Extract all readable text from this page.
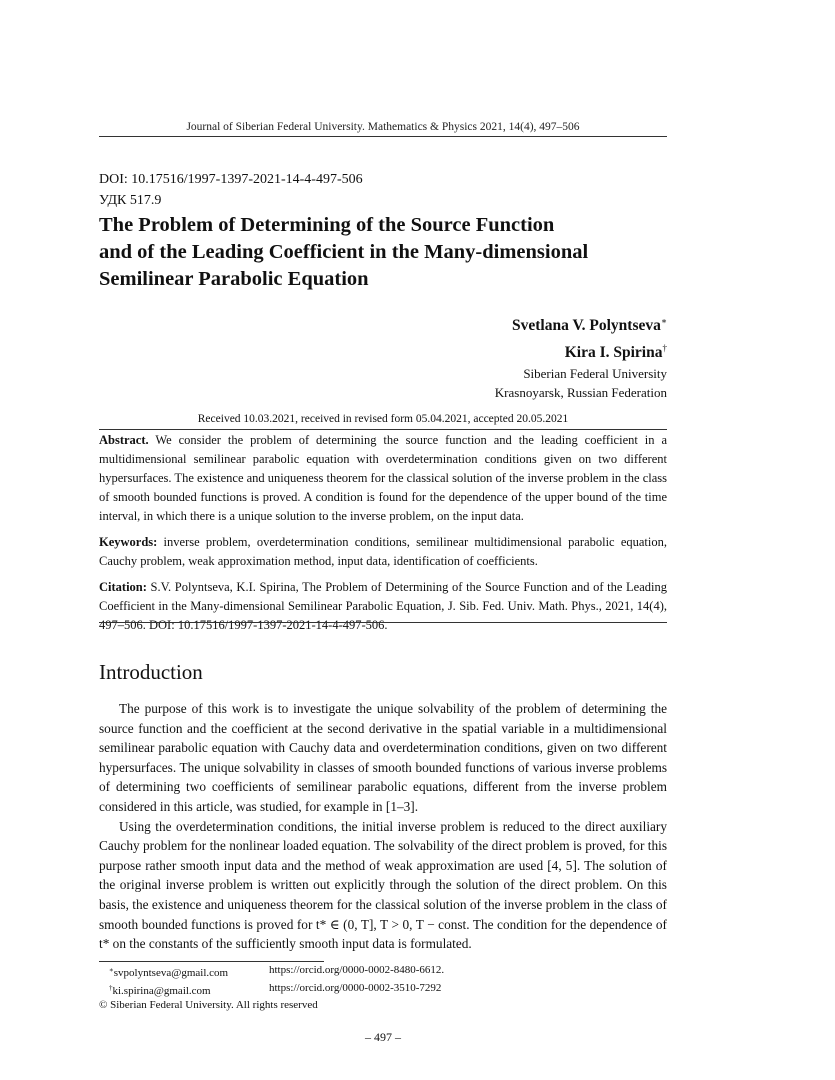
Journal of Siberian Federal University. Mathematics & Physics 2021, 14(4), 497–506
DOI: 10.17516/1997-1397-2021-14-4-497-506
УДК 517.9
The Problem of Determining of the Source Function
and of the Leading Coefficient in the Many-dimensional
Semilinear Parabolic Equation
Svetlana V. Polyntseva∗
Kira I. Spirina†
Siberian Federal University
Krasnoyarsk, Russian Federation
Received 10.03.2021, received in revised form 05.04.2021, accepted 20.05.2021

Abstract. We consider the problem of determining the source function and the leading coefficient in a multidimensional semilinear parabolic equation with overdetermination conditions given on two different hypersurfaces. The existence and uniqueness theorem for the classical solution of the inverse problem in the class of smooth bounded functions is proved. A condition is found for the dependence of the upper bound of the time interval, in which there is a unique solution to the inverse problem, on the input data.

Keywords: inverse problem, overdetermination conditions, semilinear multidimensional parabolic equation, Cauchy problem, weak approximation method, input data, identification of coefficients.

Citation: S.V. Polyntseva, K.I. Spirina, The Problem of Determining of the Source Function and of the Leading Coefficient in the Many-dimensional Semilinear Parabolic Equation, J. Sib. Fed. Univ. Math. Phys., 2021, 14(4), 497–506. DOI: 10.17516/1997-1397-2021-14-4-497-506.

Introduction

The purpose of this work is to investigate the unique solvability of the problem of determining the source function and the coefficient at the second derivative in the spatial variable in a multidimensional semilinear parabolic equation with Cauchy data and overdetermination conditions, given on two different hypersurfaces. The unique solvability in classes of smooth bounded functions of various inverse problems of determining two coefficients of semilinear parabolic equations, different from the inverse problem considered in this article, was studied, for example in [1–3].

Using the overdetermination conditions, the initial inverse problem is reduced to the direct auxiliary Cauchy problem for the nonlinear loaded equation. The solvability of the direct problem is proved, for this purpose rather smooth input data and the method of weak approximation are used [4, 5]. The solution of the original inverse problem is written out explicitly through the solution of the direct problem. On this basis, the existence and uniqueness theorem for the classical solution of the inverse problem in the class of smooth bounded functions is proved for t* ∈ (0, T], T > 0, T − const. The condition for the dependence of t* on the constants of the sufficiently smooth input data is formulated.

∗svpolyntseva@gmail.com	https://orcid.org/0000-0002-8480-6612.
†ki.spirina@gmail.com	https://orcid.org/0000-0002-3510-7292
© Siberian Federal University. All rights reserved
– 497 –
